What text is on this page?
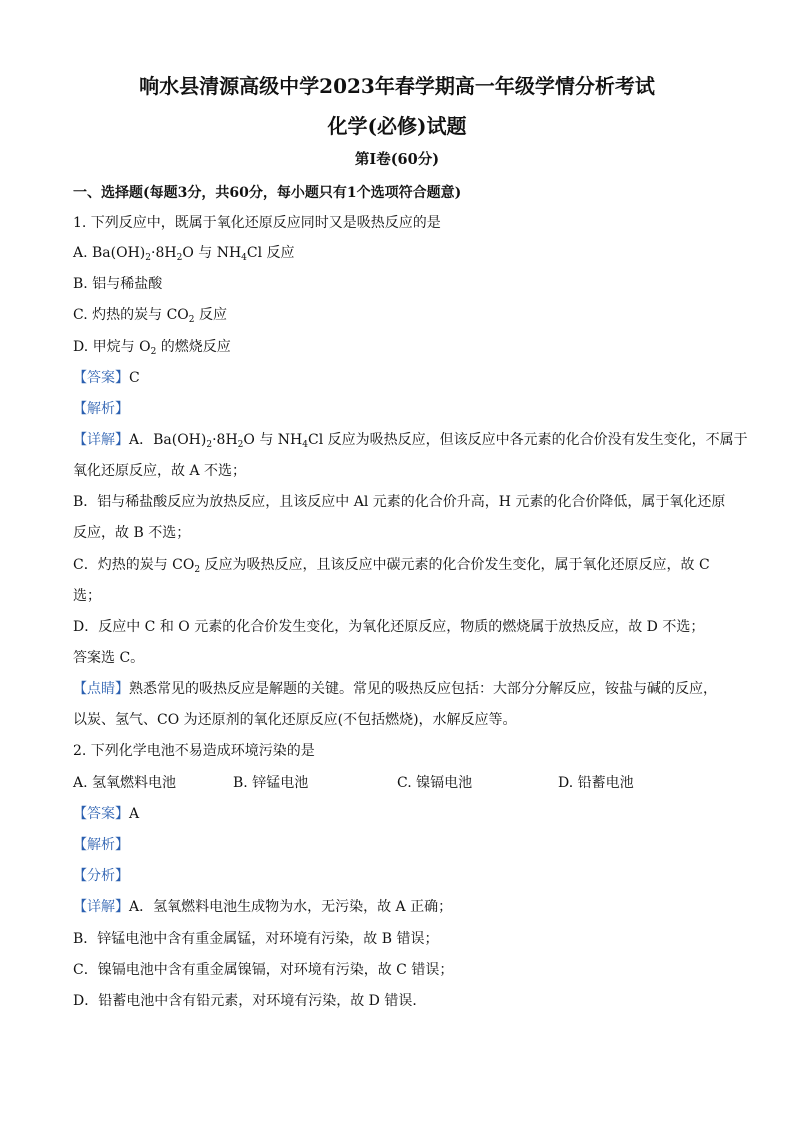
响水县清源高级中学2023年春学期高一年级学情分析考试
化学(必修)试题
第I卷(60分)
一、选择题(每题3分，共60分，每小题只有1个选项符合题意)
1. 下列反应中，既属于氧化还原反应同时又是吸热反应的是
A. $Ba(OH)_2\cdot 8H_2O$ 与 $NH_4Cl$ 反应
B. 铝与稀盐酸
C. 灼热的炭与 $CO_2$ 反应
D. 甲烷与 $O_2$ 的燃烧反应
【答案】C
【解析】
【详解】A．$Ba(OH)_2\cdot 8H_2O$ 与 $NH_4Cl$ 反应为吸热反应，但该反应中各元素的化合价没有发生变化，不属于
氧化还原反应，故 A 不选；
B．铝与稀盐酸反应为放热反应，且该反应中 Al 元素的化合价升高，H 元素的化合价降低，属于氧化还原
反应，故 B 不选；
C．灼热的炭与 $CO_2$ 反应为吸热反应，且该反应中碳元素的化合价发生变化，属于氧化还原反应，故 C
选；
D．反应中 C 和 O 元素的化合价发生变化，为氧化还原反应，物质的燃烧属于放热反应，故 D 不选；
答案选 C。
【点睛】熟悉常见的吸热反应是解题的关键。常见的吸热反应包括：大部分分解反应，铵盐与碱的反应，
以炭、氢气、CO 为还原剂的氧化还原反应(不包括燃烧)，水解反应等。
2. 下列化学电池不易造成环境污染的是
A. 氢氧燃料电池	B. 锌锰电池	C. 镍镉电池	D. 铅蓄电池
【答案】A
【解析】
【分析】
【详解】A．氢氧燃料电池生成物为水，无污染，故 A 正确；
B．锌锰电池中含有重金属锰，对环境有污染，故 B 错误；
C．镍镉电池中含有重金属镍镉，对环境有污染，故 C 错误；
D．铅蓄电池中含有铅元素，对环境有污染，故 D 错误．
